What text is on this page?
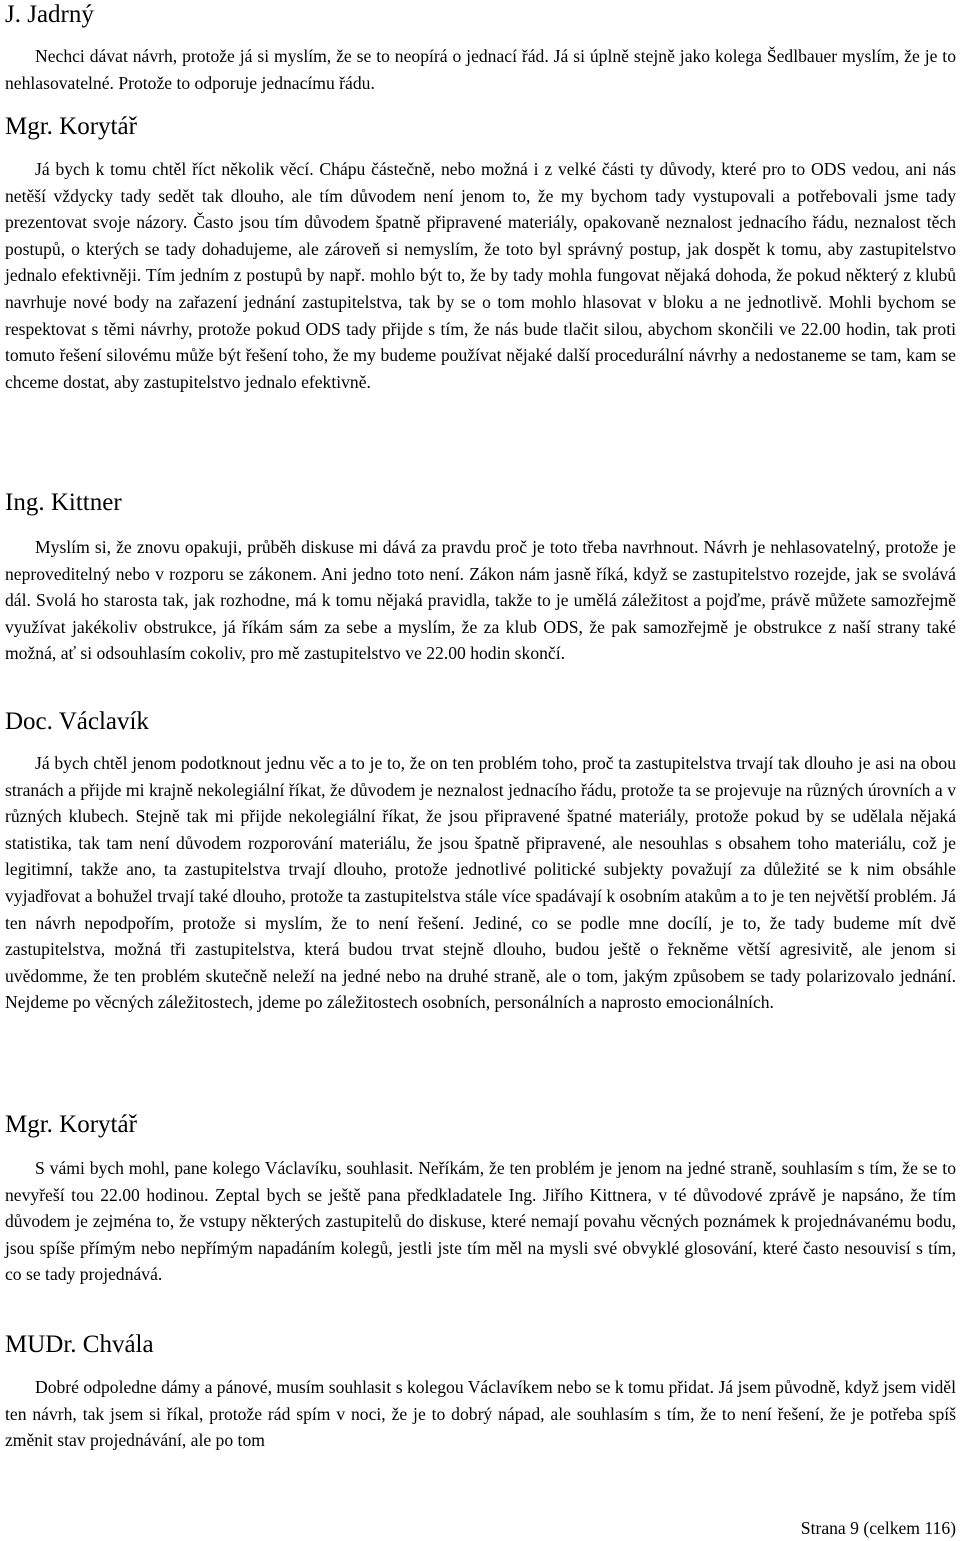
J. Jadrný

Nechci dávat návrh, protože já si myslím, že se to neopírá o jednací řád. Já si úplně stejně jako kolega Šedlbauer myslím, že je to nehlasovatelné. Protože to odporuje jednacímu řádu.

Mgr. Korytář

Já bych k tomu chtěl říct několik věcí. Chápu částečně, nebo možná i z velké části ty důvody, které pro to ODS vedou, ani nás netěší vždycky tady sedět tak dlouho, ale tím důvodem není jenom to, že my bychom tady vystupovali a potřebovali jsme tady prezentovat svoje názory. Často jsou tím důvodem špatně připravené materiály, opakovaně neznalost jednacího řádu, neznalost těch postupů, o kterých se tady dohadujeme, ale zároveň si nemyslím, že toto byl správný postup, jak dospět k tomu, aby zastupitelstvo jednalo efektivněji. Tím jedním z postupů by např. mohlo být to, že by tady mohla fungovat nějaká dohoda, že pokud některý z klubů navrhuje nové body na zařazení jednání zastupitelstva, tak by se o tom mohlo hlasovat v bloku a ne jednotlivě. Mohli bychom se respektovat s těmi návrhy, protože pokud ODS tady přijde s tím, že nás bude tlačit silou, abychom skončili ve 22.00 hodin, tak proti tomuto řešení silovému může být řešení toho, že my budeme používat nějaké další procedurální návrhy a nedostaneme se tam, kam se chceme dostat, aby zastupitelstvo jednalo efektivně.

Ing. Kittner

Myslím si, že znovu opakuji, průběh diskuse mi dává za pravdu proč je toto třeba navrhnout. Návrh je nehlasovatelný, protože je neproveditelný nebo v rozporu se zákonem. Ani jedno toto není. Zákon nám jasně říká, když se zastupitelstvo rozejde, jak se svolává dál. Svolá ho starosta tak, jak rozhodne, má k tomu nějaká pravidla, takže to je umělá záležitost a pojďme, právě můžete samozřejmě využívat jakékoliv obstrukce, já říkám sám za sebe a myslím, že za klub ODS, že pak samozřejmě je obstrukce z naší strany také možná, ať si odsouhlasím cokoliv, pro mě zastupitelstvo ve 22.00 hodin skončí.

Doc. Václavík

Já bych chtěl jenom podotknout jednu věc a to je to, že on ten problém toho, proč ta zastupitelstva trvají tak dlouho je asi na obou stranách a přijde mi krajně nekolegiální říkat, že důvodem je neznalost jednacího řádu, protože ta se projevuje na různých úrovních a v různých klubech. Stejně tak mi přijde nekolegiální říkat, že jsou připravené špatné materiály, protože pokud by se udělala nějaká statistika, tak tam není důvodem rozporování materiálu, že jsou špatně připravené, ale nesouhlas s obsahem toho materiálu, což je legitimní, takže ano, ta zastupitelstva trvají dlouho, protože jednotlivé politické subjekty považují za důležité se k nim obsáhle vyjadřovat a bohužel trvají také dlouho, protože ta zastupitelstva stále více spadávají k osobním atakům a to je ten největší problém. Já ten návrh nepodpořím, protože si myslím, že to není řešení. Jediné, co se podle mne docílí, je to, že tady budeme mít dvě zastupitelstva, možná tři zastupitelstva, která budou trvat stejně dlouho, budou ještě o řekněme větší agresivitě, ale jenom si uvědomme, že ten problém skutečně neleží na jedné nebo na druhé straně, ale o tom, jakým způsobem se tady polarizovalo jednání. Nejdeme po věcných záležitostech, jdeme po záležitostech osobních, personálních a naprosto emocionálních.

Mgr. Korytář

S vámi bych mohl, pane kolego Václavíku, souhlasit. Neříkám, že ten problém je jenom na jedné straně, souhlasím s tím, že se to nevyřeší tou 22.00 hodinou. Zeptal bych se ještě pana předkladatele Ing. Jiřího Kittnera, v té důvodové zprávě je napsáno, že tím důvodem je zejména to, že vstupy některých zastupitelů do diskuse, které nemají povahu věcných poznámek k projednávanému bodu, jsou spíše přímým nebo nepřímým napadáním kolegů, jestli jste tím měl na mysli své obvyklé glosování, které často nesouvisí s tím, co se tady projednává.

MUDr. Chvála

Dobré odpoledne dámy a pánové, musím souhlasit s kolegou Václavíkem nebo se k tomu přidat. Já jsem původně, když jsem viděl ten návrh, tak jsem si říkal, protože rád spím v noci, že je to dobrý nápad, ale souhlasím s tím, že to není řešení, že je potřeba spíš změnit stav projednávání, ale po tom

Strana 9 (celkem 116)
